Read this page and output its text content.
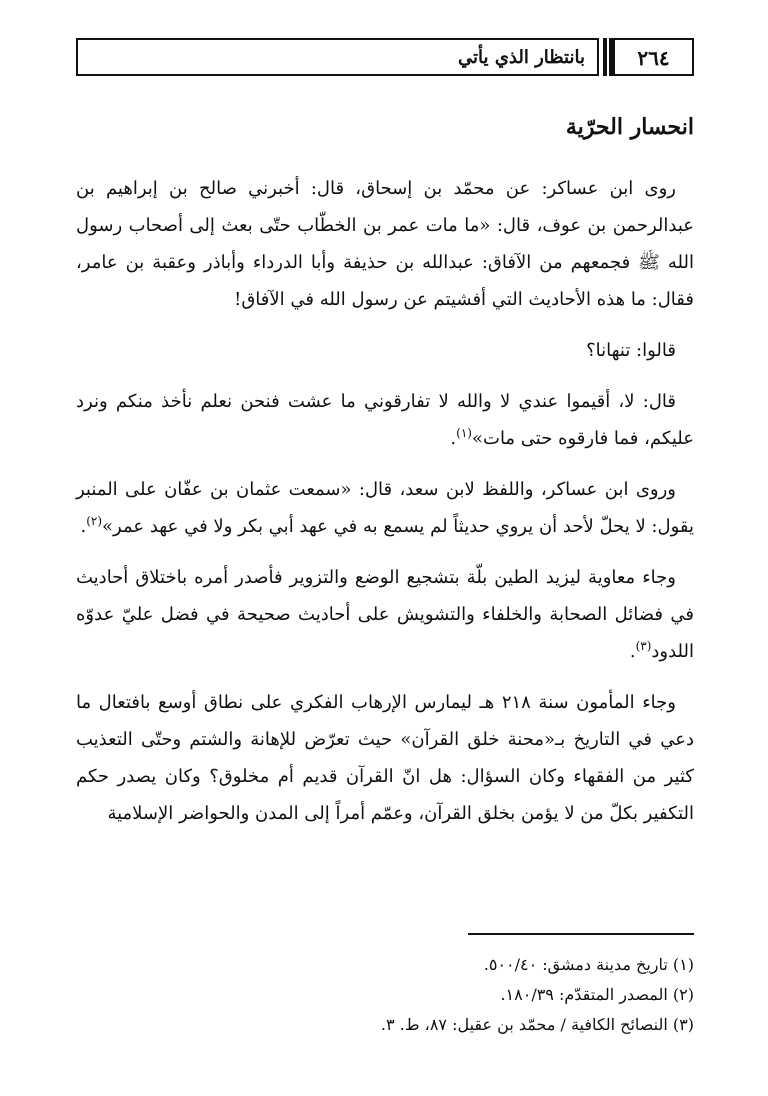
بانتظار الذي يأتي	٢٦٤
انحسار الحرّية

روى ابن عساكر: عن محمّد بن إسحاق، قال: أخبرني صالح بن إبراهيم بن عبدالرحمن بن عوف، قال: «ما مات عمر بن الخطّاب حتّى بعث إلى أصحاب رسول الله ﷺ فجمعهم من الآفاق: عبدالله بن حذيفة وأبا الدرداء وأباذر وعقبة بن عامر، فقال: ما هذه الأحاديث التي أفشيتم عن رسول الله في الآفاق!

قالوا: تنهانا؟

قال: لا، أقيموا عندي لا والله لا تفارقوني ما عشت فنحن نعلم نأخذ منكم ونرد عليكم، فما فارقوه حتى مات»$^{(١)}$.

وروى ابن عساكر، واللفظ لابن سعد، قال: «سمعت عثمان بن عفّان على المنبر يقول: لا يحلّ لأحد أن يروي حديثاً لم يسمع به في عهد أبي بكر ولا في عهد عمر»$^{(٢)}$.

وجاء معاوية ليزيد الطين بلّة بتشجيع الوضع والتزوير فأصدر أمره باختلاق أحاديث في فضائل الصحابة والخلفاء والتشويش على أحاديث صحيحة في فضل عليّ عدوّه اللدود$^{(٣)}$.

وجاء المأمون سنة ٢١٨ هـ ليمارس الإرهاب الفكري على نطاق أوسع بافتعال ما دعي في التاريخ بـ«محنة خلق القرآن» حيث تعرّض للإهانة والشتم وحتّى التعذيب كثير من الفقهاء وكان السؤال: هل انّ القرآن قديم أم مخلوق؟ وكان يصدر حكم التكفير بكلّ من لا يؤمن بخلق القرآن، وعمّم أمراً إلى المدن والحواضر الإسلامية

(١) تاريخ مدينة دمشق: ٥٠٠/٤٠.
(٢) المصدر المتقدّم: ١٨٠/٣٩.
(٣) النصائح الكافية / محمّد بن عقيل: ٨٧، ط. ٣.
